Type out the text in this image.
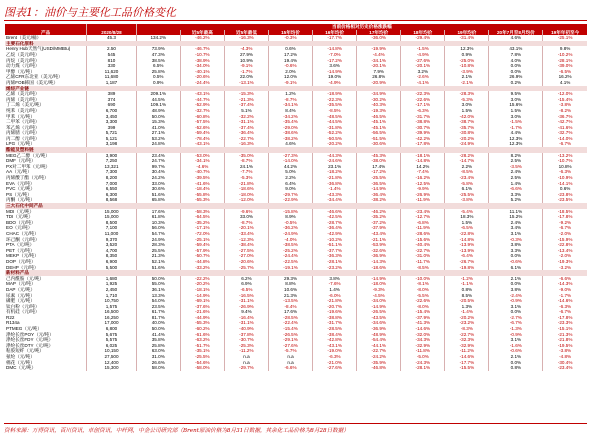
图表1：油价与主要化工品价格变化
		当前价格相对历史价格涨跌幅									
产品	2020/8/28		近5年最高	近5年最低	15年均价	16年均价	17年均价	18年均价	19年均价	20年7月至8月均价	19年年初至今
Brent（美元/桶）	45.3	134.2%	-46.2%	-16.3%	-0.3%	-17.7%	-36.0%	-29.4%	-31.4%	4.6%	-25.1%
主要石化原料											
Henry Hub天然气(USD/MMBtu)	2.50	73.9%	-46.7%	-4.3%	0.6%	-14.8%	-19.9%	-1.5%	12.3%	43.1%	9.8%
乙烷（美元/吨）	545	47.3%	-10.7%	27.9%	17.2%	-7.0%	-4.4%	-4.9%	0.9%	7.8%	-10.2%
丙烷（美元/吨）	810	38.5%	-38.9%	10.9%	19.4%	-17.2%	-34.1%	-27.6%	-25.0%	4.0%	-28.1%
动力煤（元/吨）	330	6.5%	-34.0%	-9.1%	-0.6%	3.6%	-20.1%	-20.1%	-10.8%	0.0%	-39.0%
甲醇（元/吨）	11,620	25.8%	-40.1%	-1.7%	2.0%	-14.9%	7.9%	3.2%	-3.9%	0.0%	-6.5%
乙烯CFR东北亚（美元/吨）	11,680	0.5%	-20.6%	22.0%	12.0%	19.0%	26.8%	-2.6%	2.1%	26.9%	16.2%
丙烯FOB韩国（美元/吨）	1,187	0.9%	-24.4%	-13.1%	-9.1%	-4.9%	-20.9%	-4.1%	-2.1%	0.2%	4.1%
烯烃产业链											
乙烯（美元/吨）	389	209.1%	-43.1%	-15.3%	1.2%	-18.9%	-34.9%	-22.3%	-28.3%	9.5%	-12.0%
丙烯（美元/吨）	374	44.5%	-44.7%	-21.3%	-8.7%	-22.3%	-30.2%	-22.6%	-5.3%	3.0%	-15.4%
丁二烯（美元/吨）	690	109.1%	-52.9%	-37.4%	-34.1%	-35.5%	-40.3%	-17.1%	3.0%	15.6%	-3.8%
纯苯（美元/吨）	6,700	48.9%	-32.7%	5.1%	8.4%	-8.5%	-19.3%	-6.3%	1.5%	1.5%	-8.2%
甲苯（元/吨）	3,450	50.0%	-60.8%	-32.2%	-34.2%	-48.5%	-46.5%	-31.7%	-42.0%	3.0%	-36.7%
二甲苯（元/吨）	3,300	15.3%	-57.5%	-31.1%	-35.4%	-44.5%	-45.1%	-38.8%	-38.7%	-1.5%	-42.7%
苯乙烯（元/吨）	399	41.0%	-52.6%	-37.4%	-29.0%	-31.8%	-45.1%	-30.7%	-35.7%	-1.7%	-41.6%
丙烯腈（元/吨）	5,721	27.1%	-59.4%	-36.4%	-38.6%	-52.2%	-56.5%	-39.9%	-30.8%	4.4%	-32.7%
丙二醇（元/吨）	5,121	53.2%	-78.4%	-22.7%	-38.2%	-50.5%	-51.5%	-42.2%	-20.2%	12.3%	-14.0%
LPG（元/吨）	3,198	24.8%	-43.1%	-16.3%	4.6%	-20.2%	-30.6%	-17.8%	-24.9%	12.3%	-6.7%
酯能及塑料链											
MEG乙二醇（元/吨）	3,900	23.4%	-53.0%	-35.0%	-27.3%	-44.3%	-45.3%	-18.1%	-28.2%	8.2%	-13.2%
DMF（元/吨）	7,250	24.7%	-34.1%	-8.7%	-14.0%	-24.6%	-38.0%	-14.8%	-14.7%	2.5%	-10.7%
PX对二甲苯（元/吨）	13,321	99.7%	-4.6%	24.1%	44.2%	23.1%	17.4%	14.2%	2.2%	-3.5%	10.8%
AA（元/吨）	7,300	30.4%	-40.7%	-7.7%	5.0%	-18.2%	-17.2%	-7.4%	-8.5%	2.4%	-6.3%
丙烯酸丁酯（元/吨）	8,200	24.2%	-39.5%	-5.3%	2.2%	-21.8%	-25.5%	-16.2%	-23.4%	2.5%	-10.9%
EVA（元/吨）	7,000	33.0%	-41.6%	-21.8%	6.4%	-36.8%	-36.5%	-12.5%	-5.8%	1.4%	-14.1%
PVC（元/吨）	6,550	30.6%	-18.4%	-18.6%	9.0%	-1.4%	-14.9%	-9.9%	6.1%	-6.6%	0.6%
PS（元/吨）	6,300	51.6%	-55.8%	-18.0%	-29.7%	-43.3%	-36.4%	-26.9%	-25.5%	3.3%	-23.8%
丙酮（元/吨）	8,568	65.8%	-55.3%	-12.0%	-22.9%	-34.4%	-38.2%	-11.9%	-3.8%	5.2%	-23.5%
三大石化中间产品											
MDI（元/吨）	15,000	17.6%	-58.3%	-9.6%	-15.8%	-46.6%	-46.2%	-23.4%	-5.4%	11.1%	-18.5%
TDI（元/吨）	15,000	61.8%	-64.5%	33.0%	8.9%	-42.5%	-35.2%	-12.7%	18.3%	15.2%	-17.8%
BDO（元/吨）	8,500	10.3%	-35.2%	-8.7%	-0.5%	-28.7%	-37.2%	-6.8%	1.5%	2.4%	-9.2%
EO（元/吨）	7,100	56.0%	-17.1%	-20.1%	-36.2%	-36.4%	-37.9%	-11.9%	-6.5%	3.4%	-6.7%
CHAC（元/吨）	11,000	54.7%	-72.0%	-33.4%	-24.9%	-42.9%	-43.4%	-28.6%	-22.8%	3.1%	-2.0%
环己酮（元/吨）	9,370	24.9%	-25.1%	-12.3%	-4.0%	-10.2%	-21.1%	-15.6%	-14.8%	-0.3%	-15.9%
PTA（元/吨）	3,520	28.3%	-59.4%	-38.4%	-38.5%	-51.1%	-53.9%	-40.4%	-13.9%	3.8%	-22.8%
PET（元/吨）	4,700	25.5%	-57.9%	-27.5%	-25.2%	-37.7%	-32.6%	-22.7%	-13.9%	3.3%	-13.4%
MEKP（元/吨）	8,350	21.3%	-50.7%	-27.0%	-24.4%	-36.3%	-36.9%	-31.0%	-6.4%	0.0%	-2.0%
DOP（元/吨）	6,900	52.1%	-44.8%	-20.6%	-22.5%	-28.1%	-14.3%	-11.7%	-26.7%	-0.6%	-19.3%
DEHP（元/吨）	5,500	51.6%	-33.2%	-25.7%	-19.1%	-23.2%	-18.6%	-8.5%	-19.8%	6.1%	-3.2%
新材料产品											
己内酰胺（元/吨）	1,680	50.0%	-22.2%	6.2%	29.3%	3.8%	-14.9%	-10.0%	-1.2%	2.1%	-6.6%
MAP（元/吨）	1,925	55.0%	-20.2%	6.9%	8.8%	-7.6%	-18.0%	-8.1%	-1.1%	0.0%	-14.3%
DAP（元/吨）	2,450	36.1%	-18.1%	-6.5%	10.6%	1.4%	-9.3%	-8.0%	0.8%	3.8%	-9.0%
尿素（元/吨）	1,710	13.3%	-14.9%	-16.5%	21.3%	-6.0%	-4.5%	-5.5%	8.5%	-2.4%	-1.7%
磷肥（元/吨）	10,750	54.0%	-69.1%	-31.1%	-13.5%	-21.8%	-34.0%	-22.6%	-20.5%	-0.9%	-14.6%
钛白粉（元/吨）	1,575	23.5%	-37.6%	-26.9%	-8.4%	-20.7%	-14.9%	-8.0%	1.3%	3.1%	-6.3%
有机硅（元/吨）	16,500	61.7%	-21.6%	9.4%	17.6%	-19.6%	-26.5%	-15.4%	-1.4%	0.0%	-6.7%
R22	16,250	81.7%	-44.9%	-16.4%	-28.5%	-38.8%	-43.5%	-37.9%	-20.2%	-2.7%	-17.8%
R134a	17,000	40.0%	-55.3%	-31.1%	-22.4%	-31.7%	-34.6%	-41.3%	-23.2%	-6.7%	-23.3%
PTMEG（元/吨）	6,800	50.0%	-60.2%	-40.9%	-15.4%	-28.5%	-36.9%	-14.6%	-8.3%	-1.3%	-15.1%
涤纶长丝POY（元/吨）	5,675	41.4%	-61.6%	-37.8%	-26.5%	-38.4%	-48.9%	-32.0%	-22.7%	-0.9%	-21.3%
涤纶长丝FDY（元/吨）	5,575	35.8%	-63.2%	-30.7%	-29.1%	-42.8%	-54.4%	-34.3%	-32.3%	3.1%	-21.8%
涤纶长丝DTY（元/吨）	6,025	25.8%	-51.7%	-25.3%	-27.6%	-43.1%	-44.1%	-32.9%	-32.9%	-1.6%	-19.5%
粘胶短纤（元/吨）	10,150	63.0%	-35.1%	-11.2%	-5.7%	-19.0%	-22.7%	-11.8%	-11.2%	-0.6%	-3.8%
氨纶（元/吨）	27,500	31.0%	-25.5%	n.a	n.a	-6.3%	-24.2%	-5.0%	-14.6%	2.1%	-4.8%
棉花（元/吨）	12,400	26.6%	-54.6%	n.a	n.a	-21.0%	-35.9%	-24.3%	-17.7%	0.0%	-30.4%
DMC（元/吨）	15,300	58.0%	-58.0%	-29.7%	-6.6%	-27.6%	-46.8%	-28.1%	-15.5%	0.8%	-23.4%
资料来源：万得资讯，百川资讯，卓创资讯，中纤网，中金公司研究部（Brent原油价格为8月31日数据，其余化工品价格为8月28日数据）
